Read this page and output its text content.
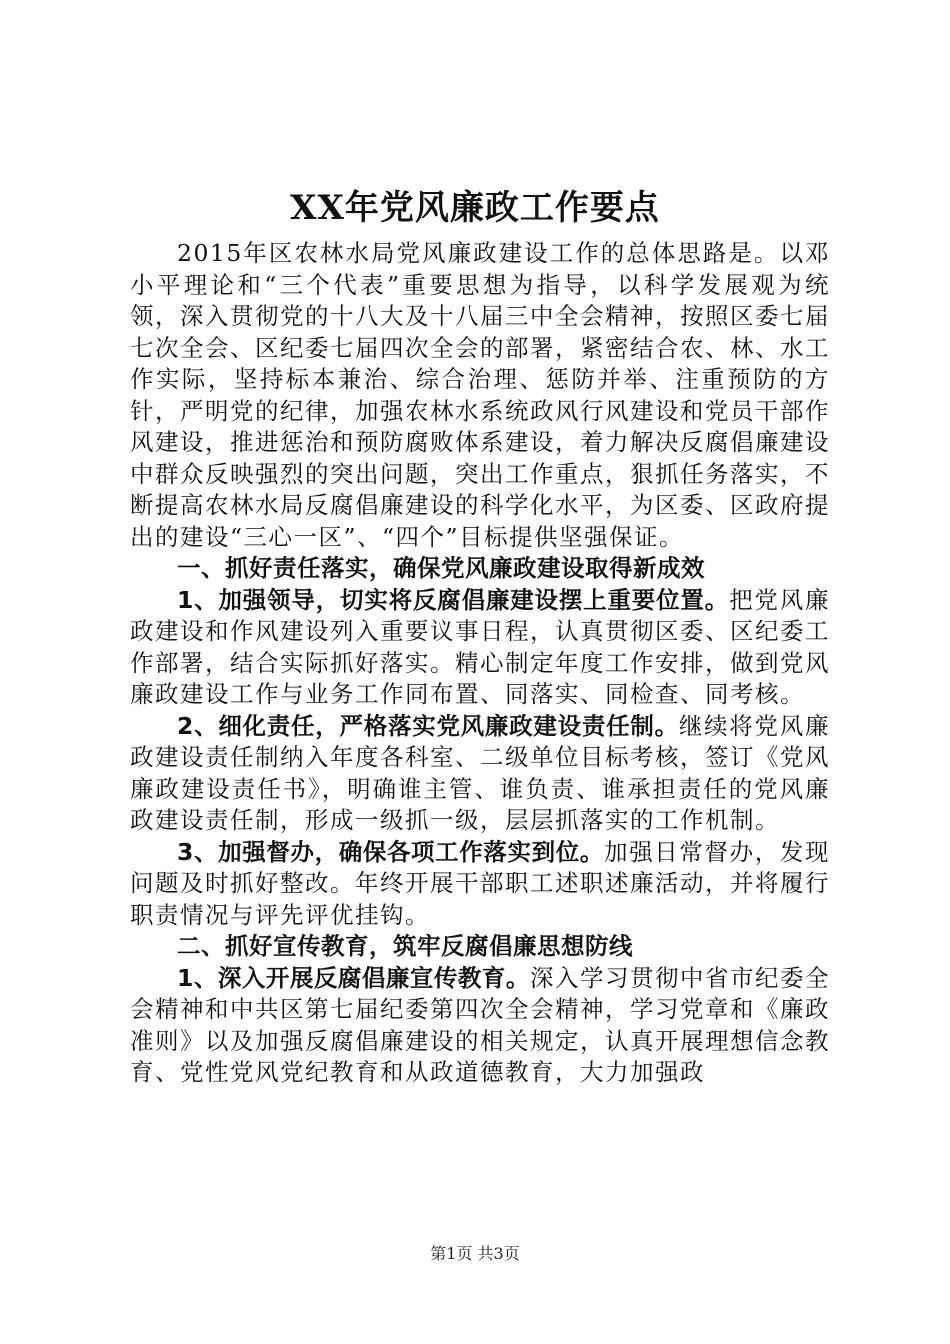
XX年党风廉政工作要点

2015年区农林水局党风廉政建设工作的总体思路是。以邓小平理论和“三个代表”重要思想为指导，以科学发展观为统领，深入贯彻党的十八大及十八届三中全会精神，按照区委七届七次全会、区纪委七届四次全会的部署，紧密结合农、林、水工作实际，坚持标本兼治、综合治理、惩防并举、注重预防的方针，严明党的纪律，加强农林水系统政风行风建设和党员干部作风建设，推进惩治和预防腐败体系建设，着力解决反腐倡廉建设中群众反映强烈的突出问题，突出工作重点，狠抓任务落实，不断提高农林水局反腐倡廉建设的科学化水平，为区委、区政府提出的建设“三心一区”、“四个”目标提供坚强保证。

一、抓好责任落实，确保党风廉政建设取得新成效

1、加强领导，切实将反腐倡廉建设摆上重要位置。把党风廉政建设和作风建设列入重要议事日程，认真贯彻区委、区纪委工作部署，结合实际抓好落实。精心制定年度工作安排，做到党风廉政建设工作与业务工作同布置、同落实、同检查、同考核。

2、细化责任，严格落实党风廉政建设责任制。继续将党风廉政建设责任制纳入年度各科室、二级单位目标考核，签订《党风廉政建设责任书》，明确谁主管、谁负责、谁承担责任的党风廉政建设责任制，形成一级抓一级，层层抓落实的工作机制。

3、加强督办，确保各项工作落实到位。加强日常督办，发现问题及时抓好整改。年终开展干部职工述职述廉活动，并将履行职责情况与评先评优挂钩。

二、抓好宣传教育，筑牢反腐倡廉思想防线

1、深入开展反腐倡廉宣传教育。深入学习贯彻中省市纪委全会精神和中共区第七届纪委第四次全会精神，学习党章和《廉政准则》以及加强反腐倡廉建设的相关规定，认真开展理想信念教育、党性党风党纪教育和从政道德教育，大力加强政

第1页 共3页
